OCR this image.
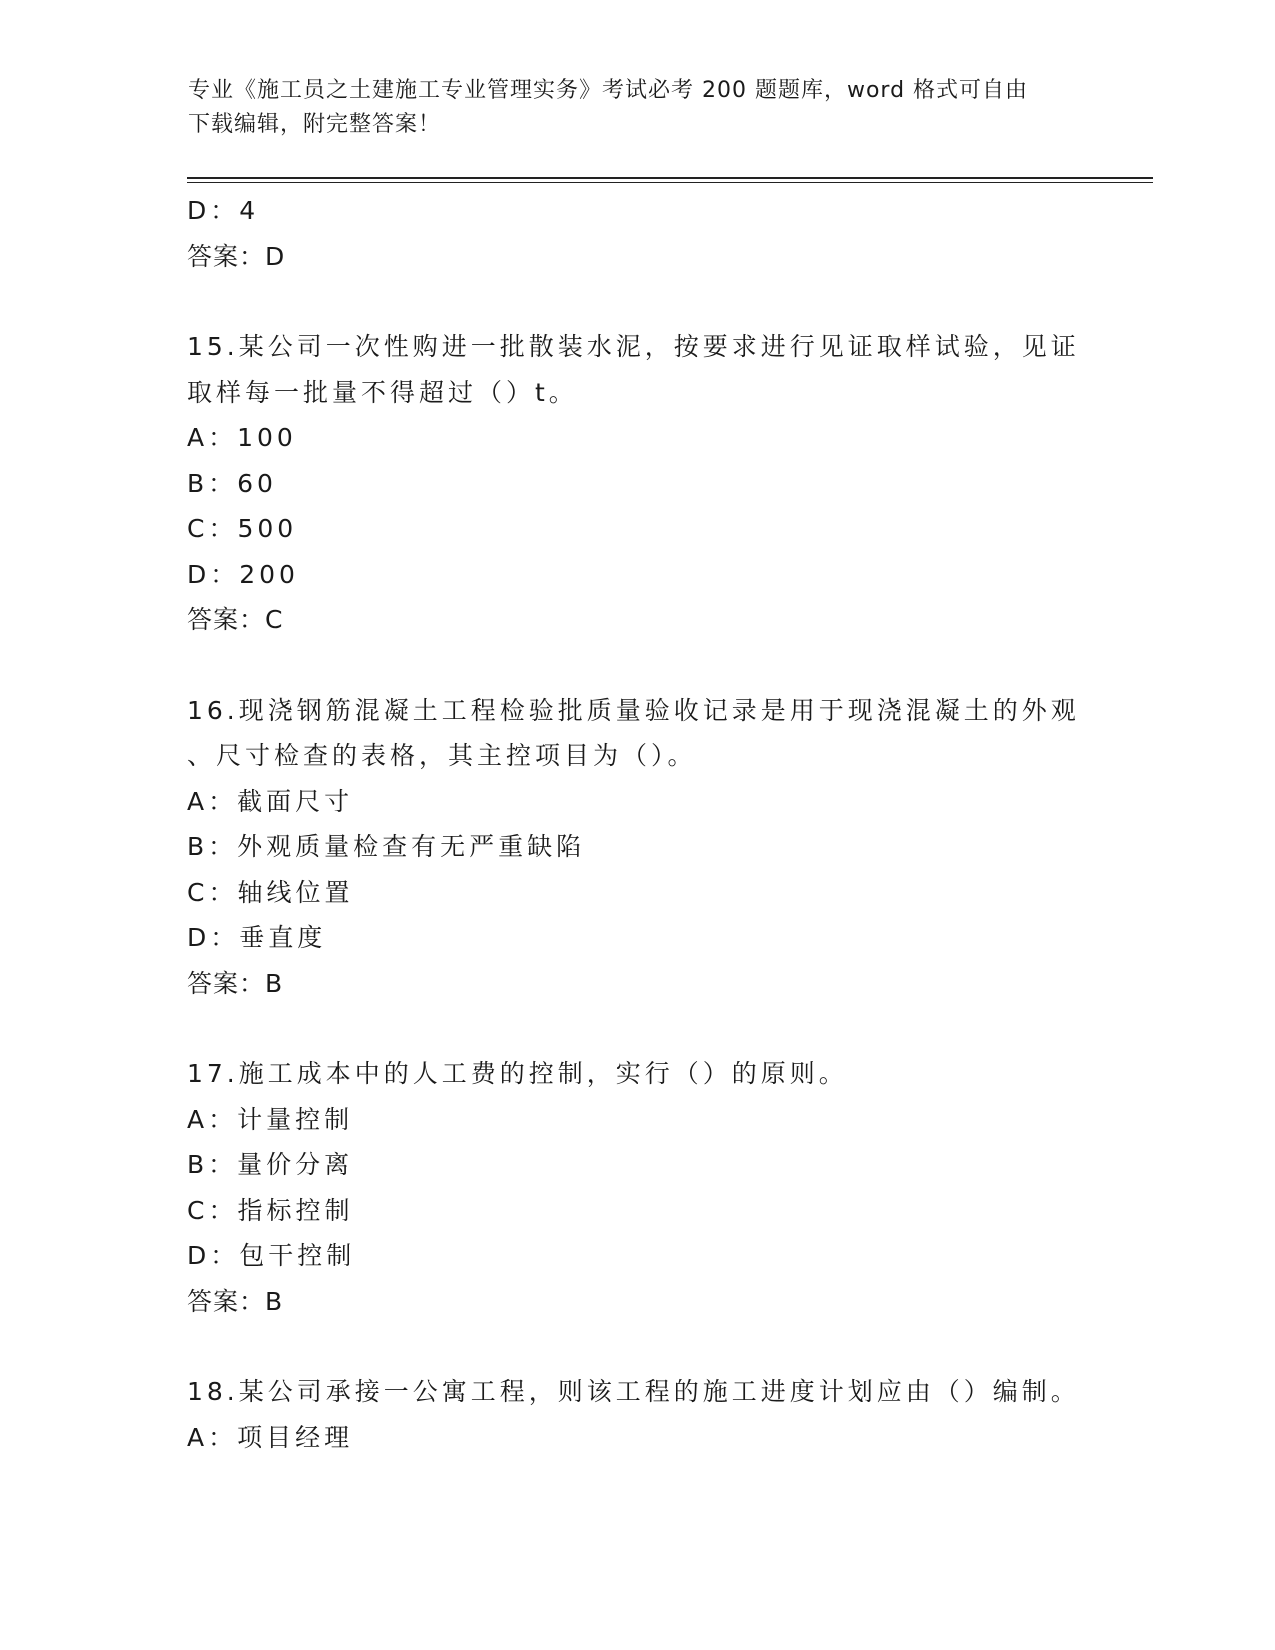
专业《施工员之土建施工专业管理实务》考试必考 200 题题库，word 格式可自由
下载编辑，附完整答案！
D：4
答案：D
15.某公司一次性购进一批散装水泥，按要求进行见证取样试验，见证
取样每一批量不得超过（）t。
A：100
B：60
C：500
D：200
答案：C
16.现浇钢筋混凝土工程检验批质量验收记录是用于现浇混凝土的外观
、尺寸检查的表格，其主控项目为（）。
A：截面尺寸
B：外观质量检查有无严重缺陷
C：轴线位置
D：垂直度
答案：B
17.施工成本中的人工费的控制，实行（）的原则。
A：计量控制
B：量价分离
C：指标控制
D：包干控制
答案：B
18.某公司承接一公寓工程，则该工程的施工进度计划应由（）编制。
A：项目经理
